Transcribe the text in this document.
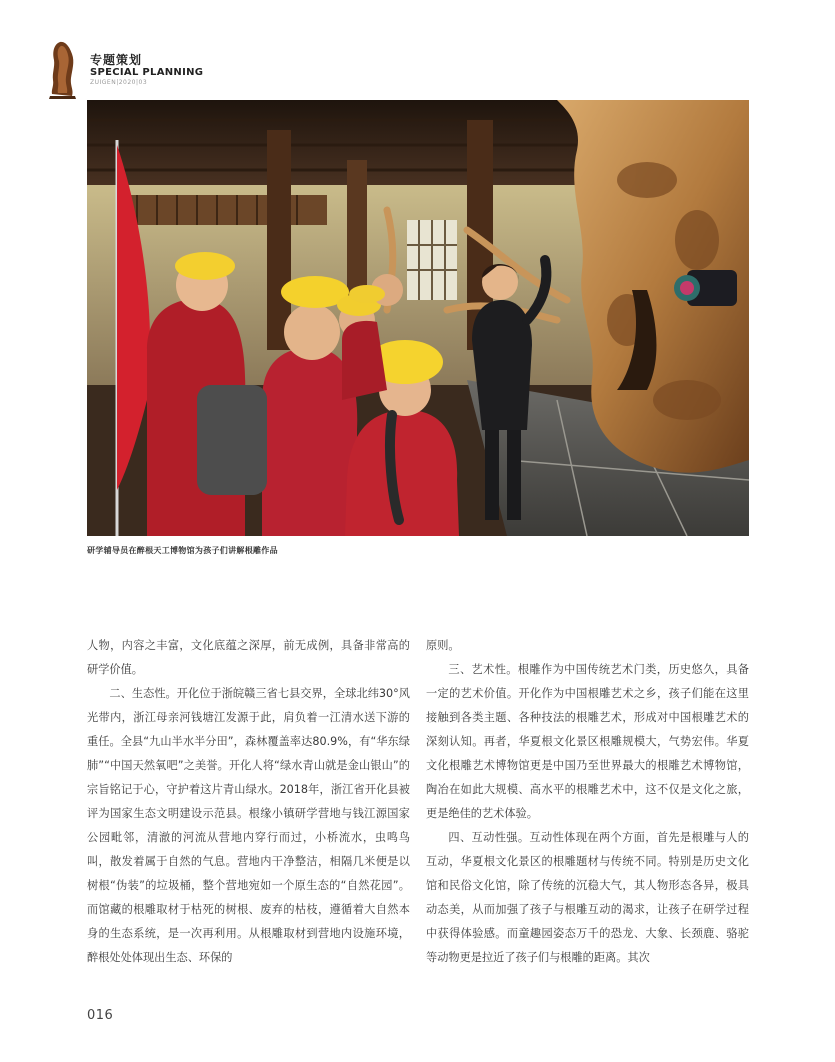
专题策划
SPECIAL PLANNING
ZUIGEN|2020|03
研学辅导员在醉根天工博物馆为孩子们讲解根雕作品

人物，内容之丰富，文化底蕴之深厚，前无成例，具备非常高的研学价值。

二、生态性。开化位于浙皖赣三省七县交界，全球北纬30°风光带内，浙江母亲河钱塘江发源于此，肩负着一江清水送下游的重任。全县“九山半水半分田”，森林覆盖率达80.9%，有“华东绿肺”“中国天然氧吧”之美誉。开化人将“绿水青山就是金山银山”的宗旨铭记于心，守护着这片青山绿水。2018年，浙江省开化县被评为国家生态文明建设示范县。根缘小镇研学营地与钱江源国家公园毗邻，清澈的河流从营地内穿行而过，小桥流水，虫鸣鸟叫，散发着属于自然的气息。营地内干净整洁，相隔几米便是以树根“伪装”的垃圾桶，整个营地宛如一个原生态的“自然花园”。而馆藏的根雕取材于枯死的树根、废弃的枯枝，遵循着大自然本身的生态系统，是一次再利用。从根雕取材到营地内设施环境，醉根处处体现出生态、环保的

原则。

三、艺术性。根雕作为中国传统艺术门类，历史悠久，具备一定的艺术价值。开化作为中国根雕艺术之乡，孩子们能在这里接触到各类主题、各种技法的根雕艺术，形成对中国根雕艺术的深刻认知。再者，华夏根文化景区根雕规模大，气势宏伟。华夏文化根雕艺术博物馆更是中国乃至世界最大的根雕艺术博物馆，陶冶在如此大规模、高水平的根雕艺术中，这不仅是文化之旅，更是绝佳的艺术体验。

四、互动性强。互动性体现在两个方面，首先是根雕与人的互动，华夏根文化景区的根雕题材与传统不同。特别是历史文化馆和民俗文化馆，除了传统的沉稳大气，其人物形态各异，极具动态美，从而加强了孩子与根雕互动的渴求，让孩子在研学过程中获得体验感。而童趣园姿态万千的恐龙、大象、长颈鹿、骆驼等动物更是拉近了孩子们与根雕的距离。其次

016
